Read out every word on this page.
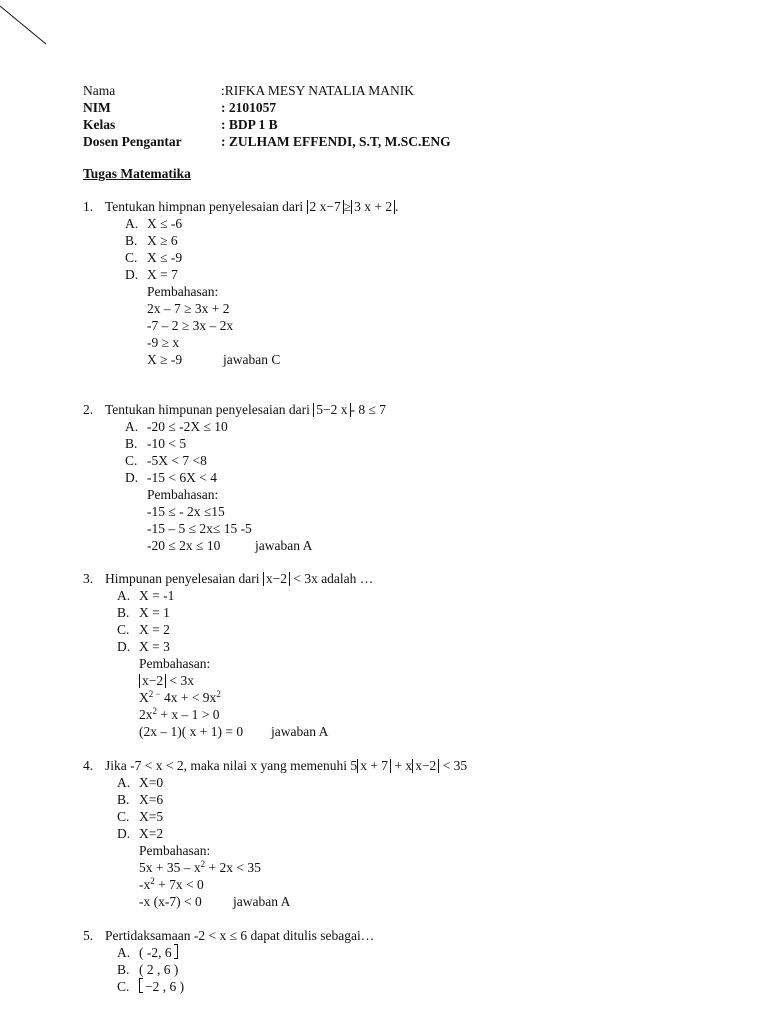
Nama	:RIFKA MESY NATALIA MANIK
NIM	: 2101057
Kelas	: BDP 1 B
Dosen Pengantar	: ZULHAM EFFENDI, S.T, M.SC.ENG
Tugas Matematika
1. Tentukan himpnan penyelesaian dari 2 x−7 ≥ 3 x + 2 .
A. X ≤ -6
B. X ≥ 6
C. X ≤ -9
D. X = 7
Pembahasan:
2x – 7 ≥ 3x + 2
-7 – 2 ≥ 3x – 2x
-9 ≥ x
X ≥ -9	jawaban C
2. Tentukan himpunan penyelesaian dari 5−2 x - 8 ≤ 7
A. -20 ≤ -2X ≤ 10
B. -10 < 5
C. -5X < 7 <8
D. -15 < 6X < 4
Pembahasan:
-15 ≤ - 2x ≤15
-15 – 5 ≤ 2x≤ 15 -5
-20 ≤ 2x ≤ 10	jawaban A
3. Himpunan penyelesaian dari x−2 < 3x adalah …
A. X = -1
B. X = 1
C. X = 2
D. X = 3
Pembahasan:
x−2 < 3x
$X^{2 -}$ 4x + < $9x^2$
$2x^2 + x - 1 > 0$
(2x – 1)( x + 1) = 0 jawaban A
4. Jika -7 < x < 2, maka nilai x yang memenuhi 5 x + 7 + x x−2 < 35
A. X=0
B. X=6
C. X=5
D. X=2
Pembahasan:
$5x + 35 - x^2 + 2x < 35$
$-x^2 + 7x < 0$
-x (x-7) < 0 jawaban A
5. Pertidaksamaan -2 < x ≤ 6 dapat ditulis sebagai…
A. ( -2, 6
B. ( 2 , 6 )
C.	−2 , 6 )
